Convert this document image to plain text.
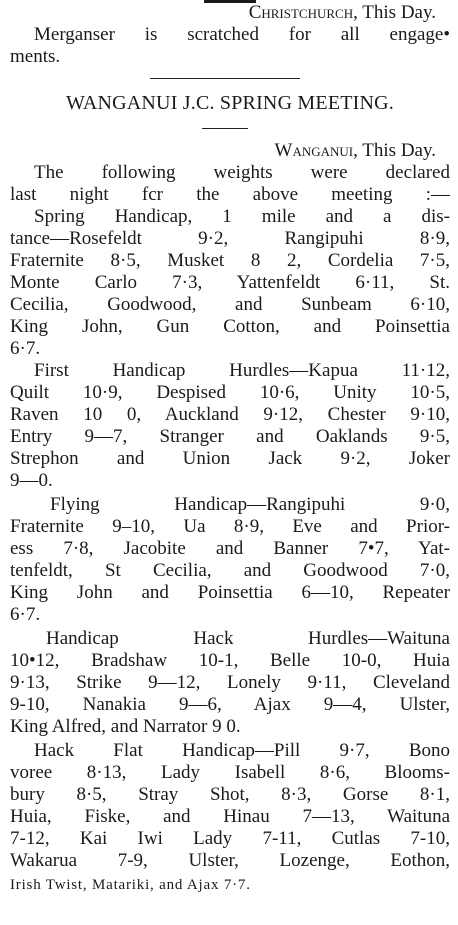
Christchurch, This Day.
Merganser is scratched for all engage•
ments.
WANGANUI J.C. SPRING MEETING.
Wanganui, This Day.
The following weights were declared
last night fcr the above meeting :—
Spring Handicap, 1 mile and a dis-
tance—Rosefeldt 9·2, Rangipuhi 8·9,
Fraternite 8·5, Musket 8 2, Cordelia 7·5,
Monte Carlo 7·3, Yattenfeldt 6·11, St.
Cecilia, Goodwood, and Sunbeam 6·10,
King John, Gun Cotton, and Poinsettia
6·7.
First Handicap Hurdles—Kapua 11·12,
Quilt 10·9, Despised 10·6, Unity 10·5,
Raven 10 0, Auckland 9·12, Chester 9·10,
Entry 9—7, Stranger and Oaklands 9·5,
Strephon and Union Jack 9·2, Joker
9—0.
Flying Handicap—Rangipuhi 9·0,
Fraternite 9‒10, Ua 8·9, Eve and Prior-
ess 7·8, Jacobite and Banner 7•7, Yat-
tenfeldt, St Cecilia, and Goodwood 7·0,
King John and Poinsettia 6—10, Repeater
6·7.
Handicap Hack Hurdles—Waituna
10•12, Bradshaw 10-1, Belle 10-0, Huia
9·13, Strike 9—12, Lonely 9·11, Cleveland
9-10, Nanakia 9—6, Ajax 9—4, Ulster,
King Alfred, and Narrator 9 0.
Hack Flat Handicap—Pill 9·7, Bono
voree 8·13, Lady Isabell 8·6, Blooms-
bury 8·5, Stray Shot, 8·3, Gorse 8·1,
Huia, Fiske, and Hinau 7—13, Waituna
7-12, Kai Iwi Lady 7-11, Cutlas 7-10,
Wakarua 7-9, Ulster, Lozenge, Eothon,
Irish Twist, Matariki, and Ajax 7·7.
